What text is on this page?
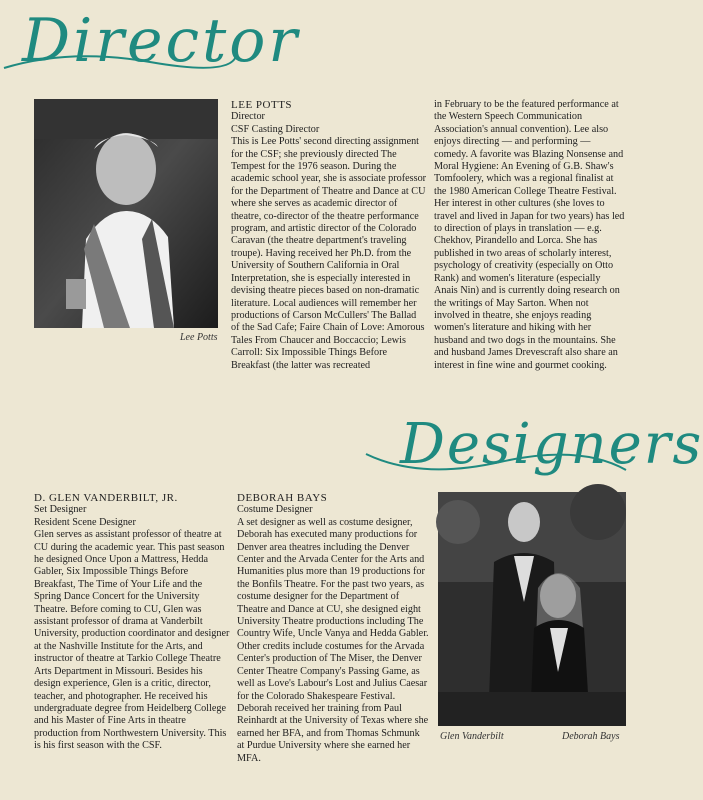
Director
Designers
Lee Potts

LEE POTTS

Director

CSF Casting Director

This is Lee Potts' second directing assignment for the CSF; she previously directed The Tempest for the 1976 season. During the academic school year, she is associate professor for the Department of Theatre and Dance at CU where she serves as academic director of theatre, co-director of the theatre performance program, and artistic director of the Colorado Caravan (the theatre department's traveling troupe). Having received her Ph.D. from the University of Southern California in Oral Interpretation, she is especially interested in devising theatre pieces based on non-dramatic literature. Local audiences will remember her productions of Carson McCullers' The Ballad of the Sad Cafe; Faire Chain of Love: Amorous Tales From Chaucer and Boccaccio; Lewis Carroll: Six Impossible Things Before Breakfast (the latter was recreated

in February to be the featured performance at the Western Speech Communication Association's annual convention). Lee also enjoys directing — and performing — comedy. A favorite was Blazing Nonsense and Moral Hygiene: An Evening of G.B. Shaw's Tomfoolery, which was a regional finalist at the 1980 American College Theatre Festival. Her interest in other cultures (she loves to travel and lived in Japan for two years) has led to direction of plays in translation — e.g. Chekhov, Pirandello and Lorca. She has published in two areas of scholarly interest, psychology of creativity (especially on Otto Rank) and women's literature (especially Anais Nin) and is currently doing research on the writings of May Sarton. When not involved in theatre, she enjoys reading women's literature and hiking with her husband and two dogs in the mountains. She and husband James Drevescraft also share an interest in fine wine and gourmet cooking.

D. GLEN VANDERBILT, JR.

Set Designer

Resident Scene Designer

Glen serves as assistant professor of theatre at CU during the academic year. This past season he designed Once Upon a Mattress, Hedda Gabler, Six Impossible Things Before Breakfast, The Time of Your Life and the Spring Dance Concert for the University Theatre. Before coming to CU, Glen was assistant professor of drama at Vanderbilt University, production coordinator and designer at the Nashville Institute for the Arts, and instructor of theatre at Tarkio College Theatre Arts Department in Missouri. Besides his design experience, Glen is a critic, director, teacher, and photographer. He received his undergraduate degree from Heidelberg College and his Master of Fine Arts in theatre production from Northwestern University. This is his first season with the CSF.

DEBORAH BAYS

Costume Designer

A set designer as well as costume designer, Deborah has executed many productions for Denver area theatres including the Denver Center and the Arvada Center for the Arts and Humanities plus more than 19 productions for the Bonfils Theatre. For the past two years, as costume designer for the Department of Theatre and Dance at CU, she designed eight University Theatre productions including The Country Wife, Uncle Vanya and Hedda Gabler. Other credits include costumes for the Arvada Center's production of The Miser, the Denver Center Theatre Company's Passing Game, as well as Love's Labour's Lost and Julius Caesar for the Colorado Shakespeare Festival. Deborah received her training from Paul Reinhardt at the University of Texas where she earned her BFA, and from Thomas Schmunk at Purdue University where she earned her MFA.

Glen Vanderbilt	Deborah Bays
